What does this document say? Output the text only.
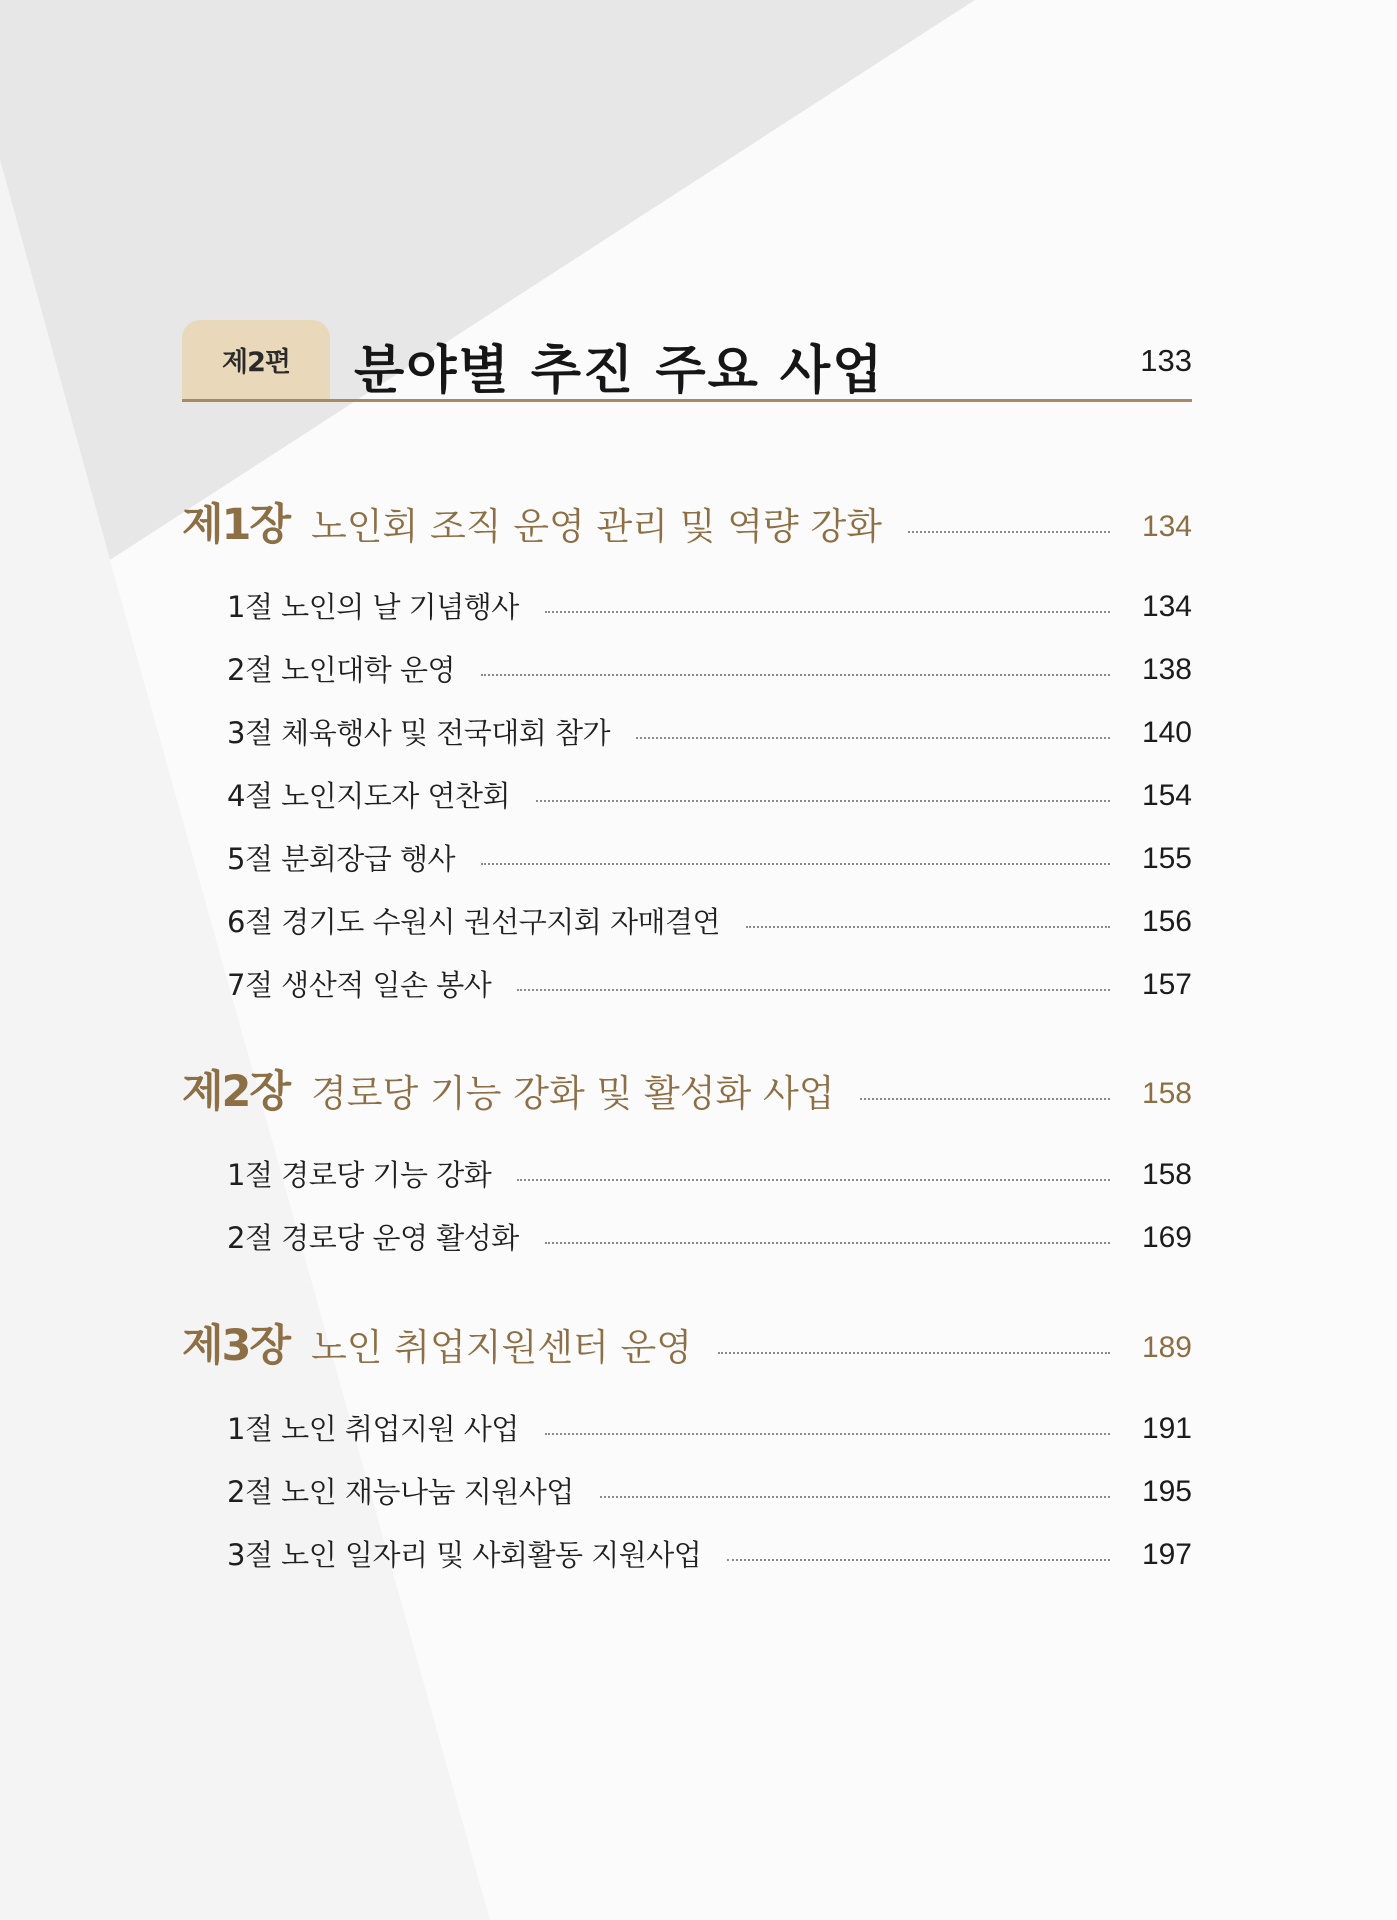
제2편	분야별 추진 주요 사업	133
제1장 노인회 조직 운영 관리 및 역량 강화	134
1절 노인의 날 기념행사	134
2절 노인대학 운영	138
3절 체육행사 및 전국대회 참가	140
4절 노인지도자 연찬회	154
5절 분회장급 행사	155
6절 경기도 수원시 권선구지회 자매결연	156
7절 생산적 일손 봉사	157
제2장 경로당 기능 강화 및 활성화 사업	158
1절 경로당 기능 강화	158
2절 경로당 운영 활성화	169
제3장 노인 취업지원센터 운영	189
1절 노인 취업지원 사업	191
2절 노인 재능나눔 지원사업	195
3절 노인 일자리 및 사회활동 지원사업	197
